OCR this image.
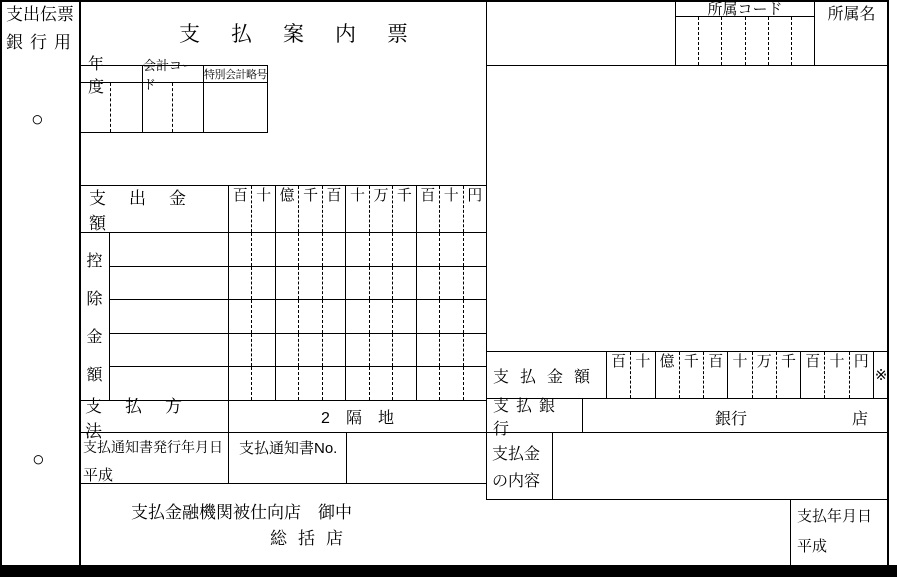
支出伝票
銀行用
○
○
支払案内票
所属コード	所属名
年度
会計コード
特別会計略号
支出金額
百 十 億 千 百 十 万 千 百 十 円
控
除
金
額
支払方法
2　隔　地
支払通知書発行年月日
平成
支払通知書No.
支払金額
百 十 億 千 百 十 万 千 百 十 円
※
支払銀行
銀行	店
支払金
の内容
支払金融機関被仕向店　御中
総括店
支払年月日
平成
